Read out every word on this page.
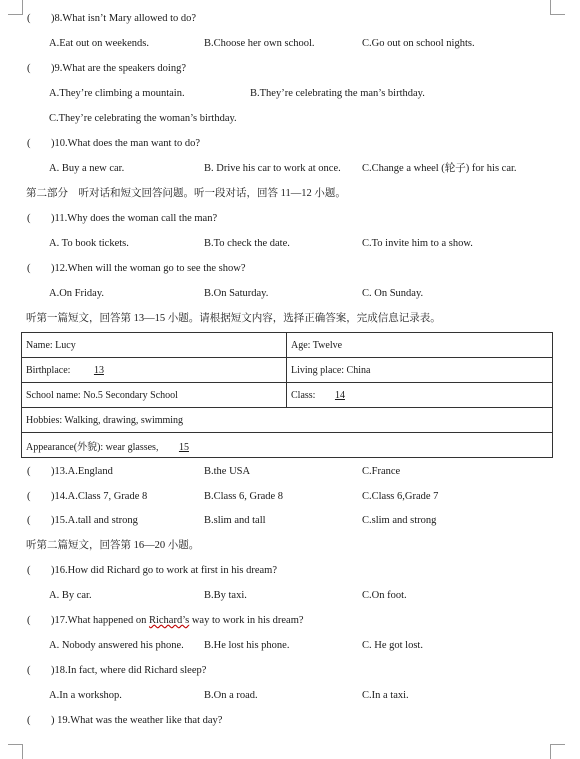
( )8.What isn’t Mary allowed to do?
A.Eat out on weekends.	B.Choose her own school.	C.Go out on school nights.
( )9.What are the speakers doing?
A.They’re climbing a mountain.	B.They’re celebrating the man’s birthday.
C.They’re celebrating the woman’s birthday.
( )10.What does the man want to do?
A. Buy a new car.	B. Drive his car to work at once. C.Change a wheel (轮子) for his car.
第二部分　听对话和短文回答问题。听一段对话，回答 11—12 小题。
( )11.Why does the woman call the man?
A. To book tickets.	B.To check the date.	C.To invite him to a show.
( )12.When will the woman go to see the show?
A.On Friday.	B.On Saturday.	C. On Sunday.
听第一篇短文，回答第 13—15 小题。请根据短文内容，选择正确答案，完成信息记录表。
Name: Lucy	Age: Twelve
Birthplace: 13	Living place: China
School name: No.5 Secondary School	Class: 14
Hobbies: Walking, drawing, swimming	
Appearance(外貌): wear glasses, 15	
( )13.A.England	B.the USA	C.France
( )14.A.Class 7, Grade 8	B.Class 6, Grade 8	C.Class 6,Grade 7
( )15.A.tall and strong	B.slim and tall	C.slim and strong
听第二篇短文，回答第 16—20 小题。
( )16.How did Richard go to work at first in his dream?
A. By car.	B.By taxi.	C.On foot.
( )17.What happened on Richard’s way to work in his dream?
A. Nobody answered his phone. B.He lost his phone.	C. He got lost.
( )18.In fact, where did Richard sleep?
A.In a workshop.	B.On a road.	C.In a taxi.
( ) 19.What was the weather like that day?
